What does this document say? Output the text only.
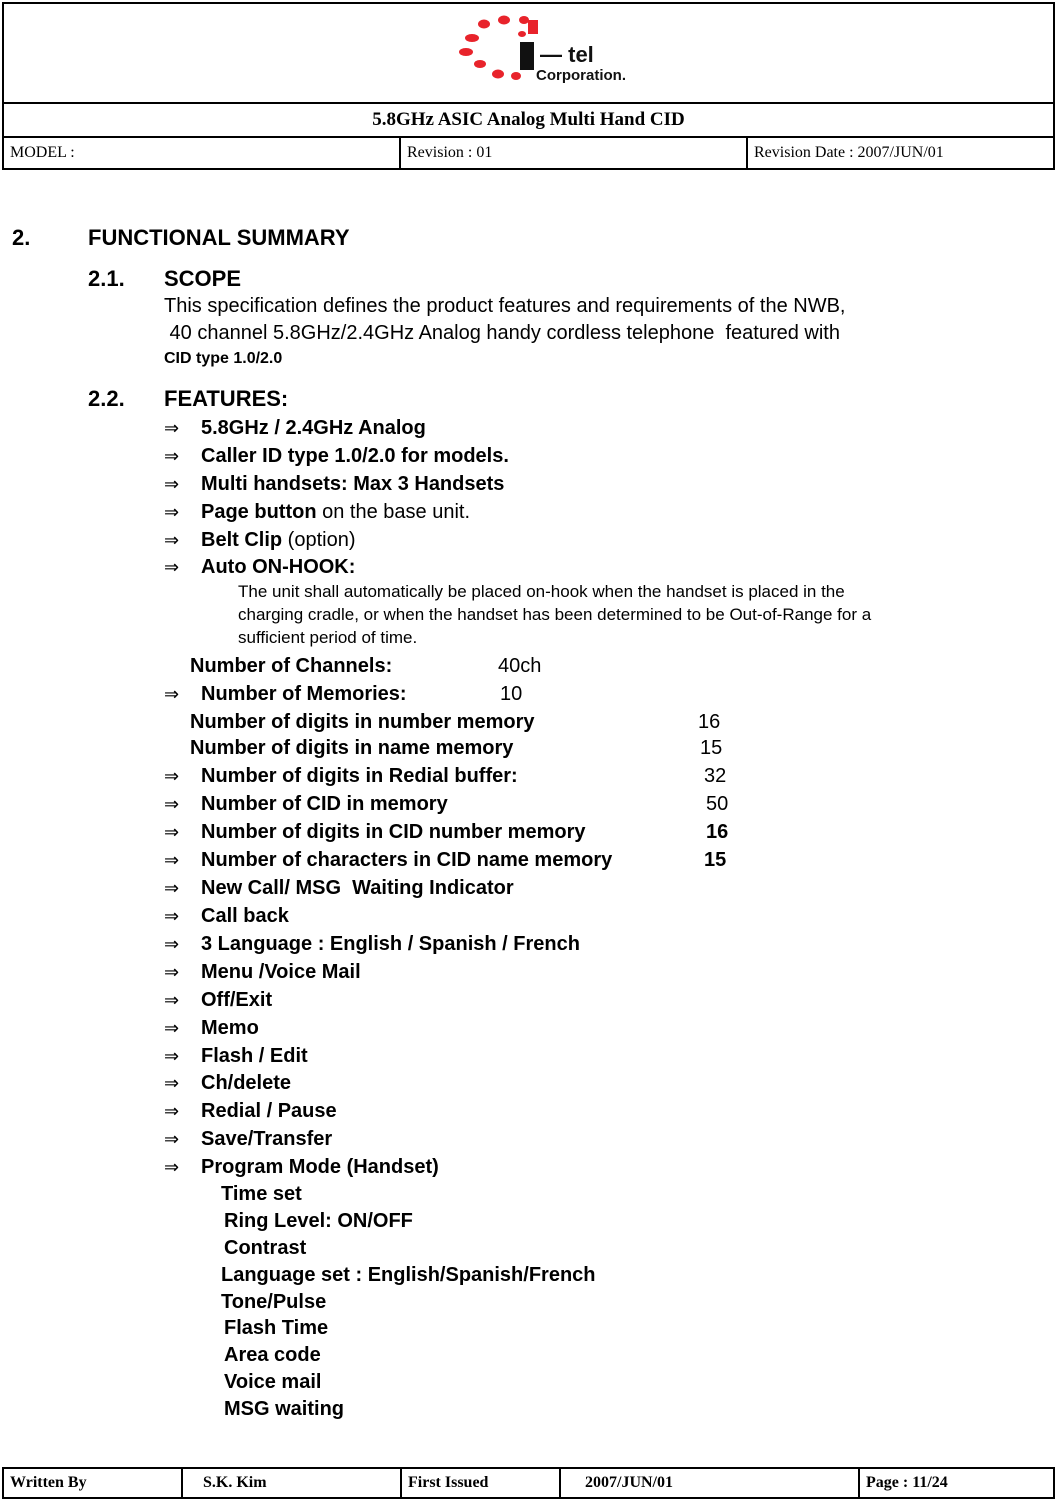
— tel
Corporation.

5.8GHz ASIC Analog Multi Hand CID
MODEL :	Revision : 01	Revision Date : 2007/JUN/01
2.	FUNCTIONAL SUMMARY
2.1. SCOPE
This specification defines the product features and requirements of the NWB,
40 channel 5.8GHz/2.4GHz Analog handy cordless telephone  featured with
CID type 1.0/2.0
2.2. FEATURES:
⇒ 5.8GHz / 2.4GHz Analog
⇒ Caller ID type 1.0/2.0 for models.
⇒ Multi handsets: Max 3 Handsets
⇒ Page button on the base unit.
⇒ Belt Clip (option)
⇒ Auto ON-HOOK:
The unit shall automatically be placed on-hook when the handset is placed in the
charging cradle, or when the handset has been determined to be Out-of-Range for a
sufficient period of time.
Number of Channels:	40ch
⇒ Number of Memories:	10
Number of digits in number memory	16
Number of digits in name memory	15
⇒ Number of digits in Redial buffer:	32
⇒ Number of CID in memory	50
⇒ Number of digits in CID number memory	16
⇒ Number of characters in CID name memory	15
⇒ New Call/ MSG  Waiting Indicator
⇒ Call back
⇒ 3 Language : English / Spanish / French
⇒ Menu /Voice Mail
⇒ Off/Exit
⇒ Memo
⇒ Flash / Edit
⇒ Ch/delete
⇒ Redial / Pause
⇒ Save/Transfer
⇒ Program Mode (Handset)
Time set
Ring Level: ON/OFF
Contrast
Language set : English/Spanish/French
Tone/Pulse
Flash Time
Area code
Voice mail
MSG waiting
Written By	S.K. Kim	First Issued	2007/JUN/01	Page : 11/24
